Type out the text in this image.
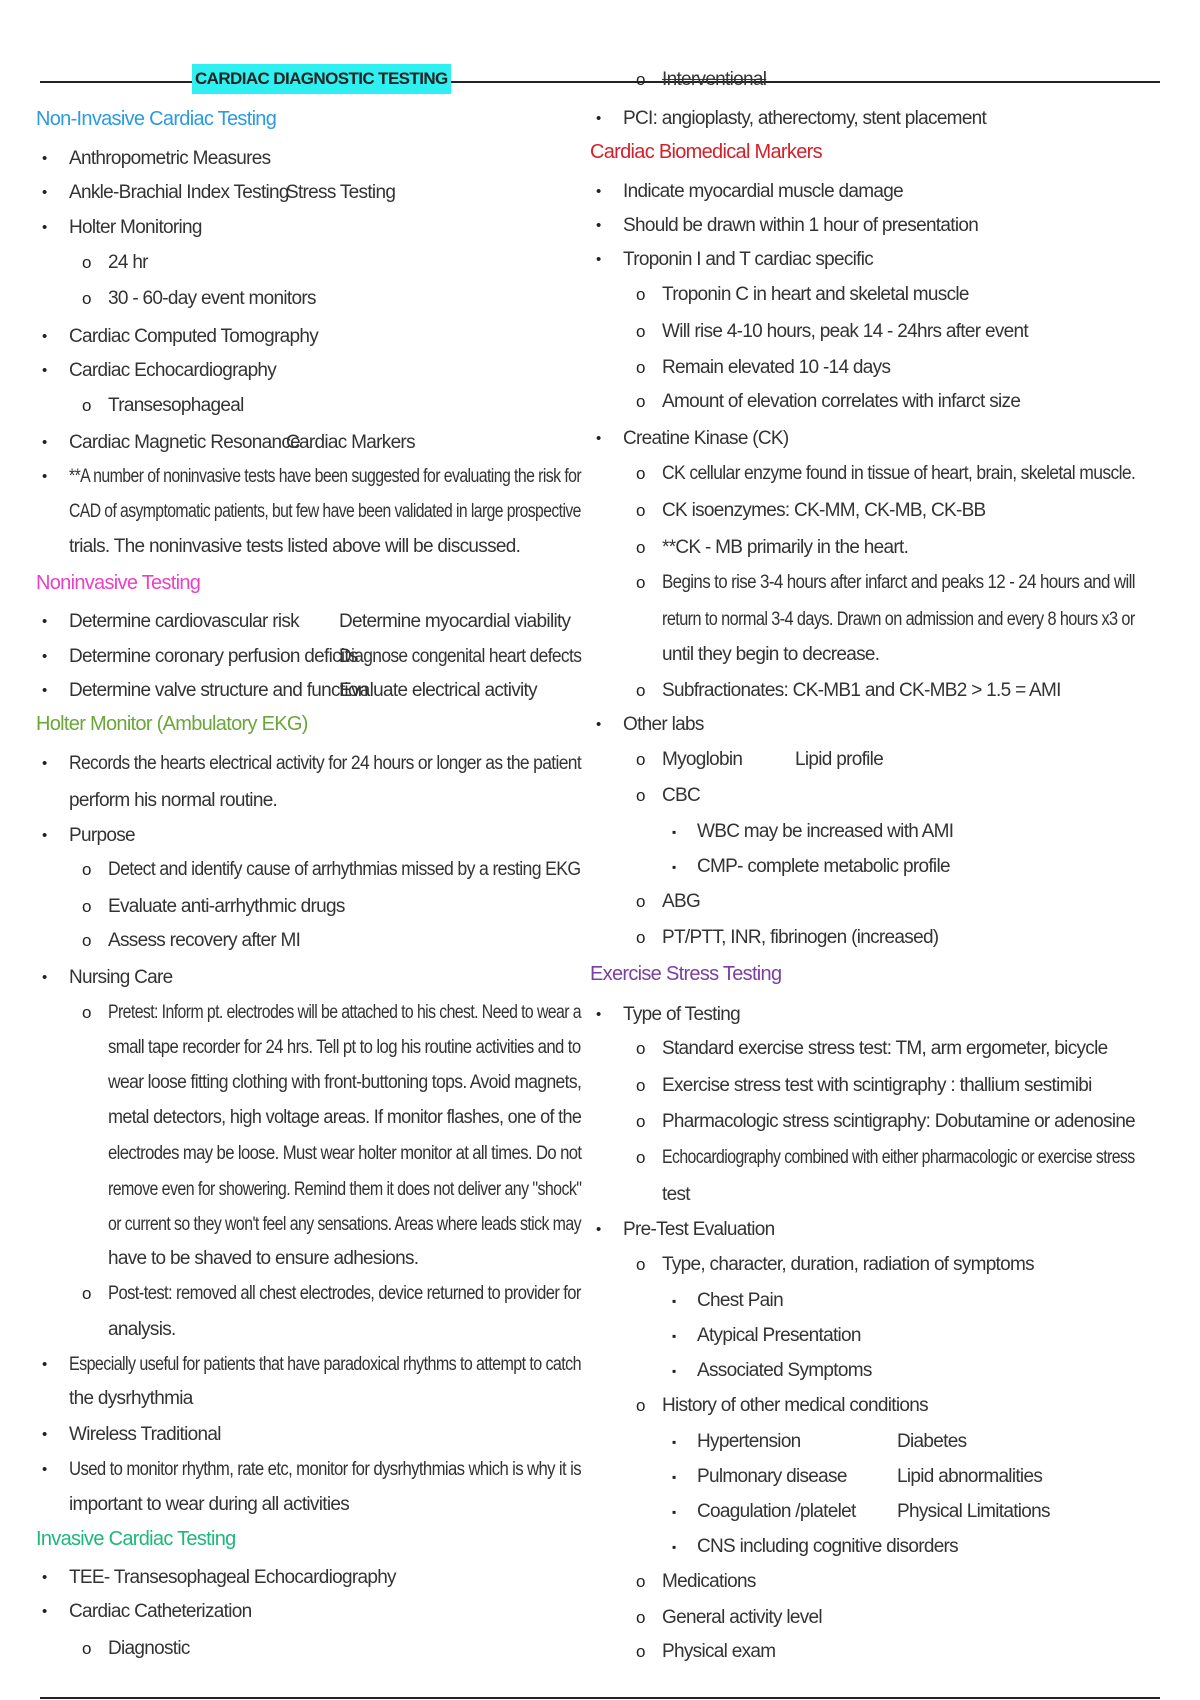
CARDIAC DIAGNOSTIC TESTING
Non-Invasive Cardiac Testing
• Anthropometric Measures
• Ankle-Brachial Index Testing
Stress Testing
• Holter Monitoring
o 24 hr
o 30 - 60-day event monitors
• Cardiac Computed Tomography
• Cardiac Echocardiography
o Transesophageal
• Cardiac Magnetic Resonance
Cardiac Markers
• **A number of noninvasive tests have been suggested for evaluating the risk for
CAD of asymptomatic patients, but few have been validated in large prospective
trials. The noninvasive tests listed above will be discussed.
Noninvasive Testing
• Determine cardiovascular risk Determine myocardial viability
• Determine coronary perfusion deficits
Diagnose congenital heart defects
• Determine valve structure and function
Evaluate electrical activity
Holter Monitor (Ambulatory EKG)
• Records the hearts electrical activity for 24 hours or longer as the patient
perform his normal routine.
• Purpose
o Detect and identify cause of arrhythmias missed by a resting EKG
o Evaluate anti-arrhythmic drugs
o Assess recovery after MI
• Nursing Care
o Pretest: Inform pt. electrodes will be attached to his chest. Need to wear a
small tape recorder for 24 hrs. Tell pt to log his routine activities and to
wear loose fitting clothing with front-buttoning tops. Avoid magnets,
metal detectors, high voltage areas. If monitor flashes, one of the
electrodes may be loose. Must wear holter monitor at all times. Do not
remove even for showering. Remind them it does not deliver any "shock"
or current so they won't feel any sensations. Areas where leads stick may
have to be shaved to ensure adhesions.
o Post-test: removed all chest electrodes, device returned to provider for
analysis.
• Especially useful for patients that have paradoxical rhythms to attempt to catch
the dysrhythmia
• Wireless Traditional
• Used to monitor rhythm, rate etc, monitor for dysrhythmias which is why it is
important to wear during all activities
Invasive Cardiac Testing
• TEE- Transesophageal Echocardiography
• Cardiac Catheterization
o Diagnostic
o Interventional
• PCI: angioplasty, atherectomy, stent placement
Cardiac Biomedical Markers
• Indicate myocardial muscle damage
• Should be drawn within 1 hour of presentation
• Troponin I and T cardiac specific
o Troponin C in heart and skeletal muscle
o Will rise 4-10 hours, peak 14 - 24hrs after event
o Remain elevated 10 -14 days
o Amount of elevation correlates with infarct size
• Creatine Kinase (CK)
o CK cellular enzyme found in tissue of heart, brain, skeletal muscle.
o CK isoenzymes: CK-MM, CK-MB, CK-BB
o **CK - MB primarily in the heart.
o Begins to rise 3-4 hours after infarct and peaks 12 - 24 hours and will
return to normal 3-4 days. Drawn on admission and every 8 hours x3 or
until they begin to decrease.
o Subfractionates: CK-MB1 and CK-MB2 > 1.5 = AMI
• Other labs
o Myoglobin	Lipid profile
o CBC
▪ WBC may be increased with AMI
▪ CMP- complete metabolic profile
o ABG
o PT/PTT, INR, fibrinogen (increased)
Exercise Stress Testing
• Type of Testing
o Standard exercise stress test: TM, arm ergometer, bicycle
o Exercise stress test with scintigraphy : thallium sestimibi
o Pharmacologic stress scintigraphy: Dobutamine or adenosine
o Echocardiography combined with either pharmacologic or exercise stress
test
• Pre-Test Evaluation
o Type, character, duration, radiation of symptoms
▪ Chest Pain
▪ Atypical Presentation
▪ Associated Symptoms
o History of other medical conditions
▪ Hypertension	Diabetes
▪ Pulmonary disease	Lipid abnormalities
▪ Coagulation /platelet Physical Limitations
▪ CNS including cognitive disorders
o Medications
o General activity level
o Physical exam
